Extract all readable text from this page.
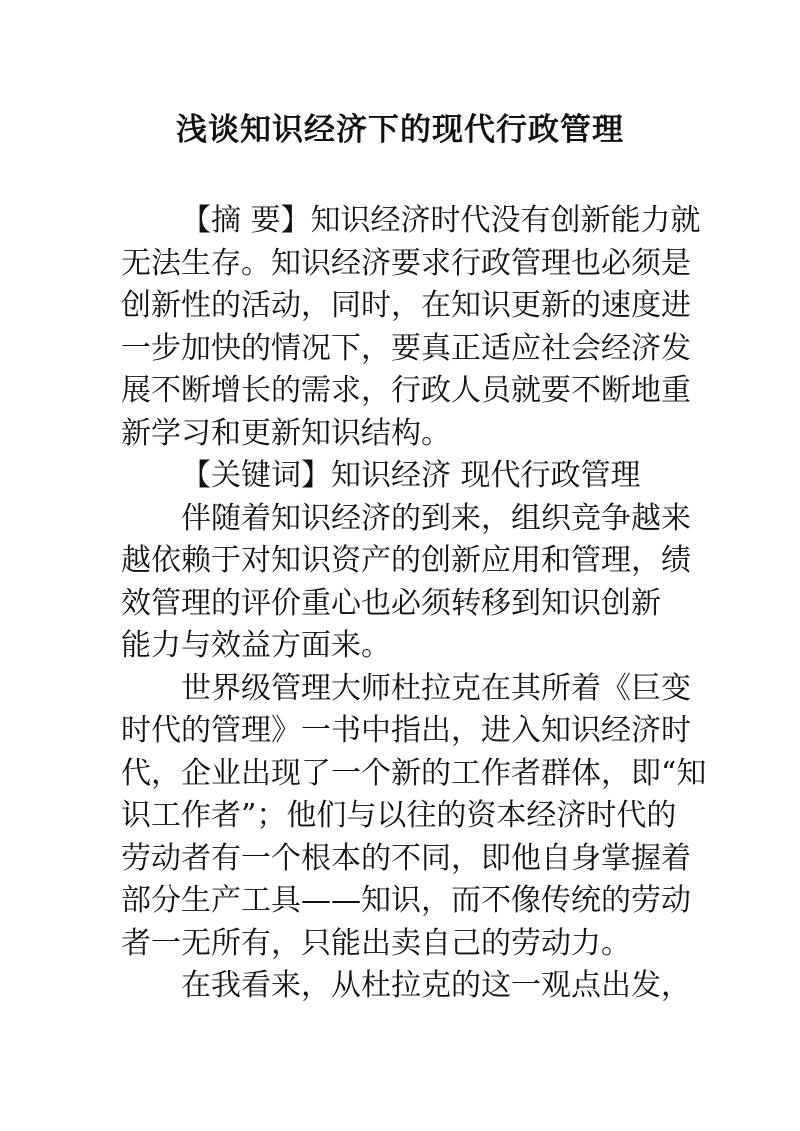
浅谈知识经济下的现代行政管理
【摘 要】知识经济时代没有创新能力就
无法生存。知识经济要求行政管理也必须是
创新性的活动，同时，在知识更新的速度进
一步加快的情况下，要真正适应社会经济发
展不断增长的需求，行政人员就要不断地重
新学习和更新知识结构。
【关键词】知识经济 现代行政管理
伴随着知识经济的到来，组织竞争越来
越依赖于对知识资产的创新应用和管理，绩
效管理的评价重心也必须转移到知识创新
能力与效益方面来。
世界级管理大师杜拉克在其所着《巨变
时代的管理》一书中指出，进入知识经济时
代，企业出现了一个新的工作者群体，即“知
识工作者”；他们与以往的资本经济时代的
劳动者有一个根本的不同，即他自身掌握着
部分生产工具——知识，而不像传统的劳动
者一无所有，只能出卖自己的劳动力。
在我看来，从杜拉克的这一观点出发，
